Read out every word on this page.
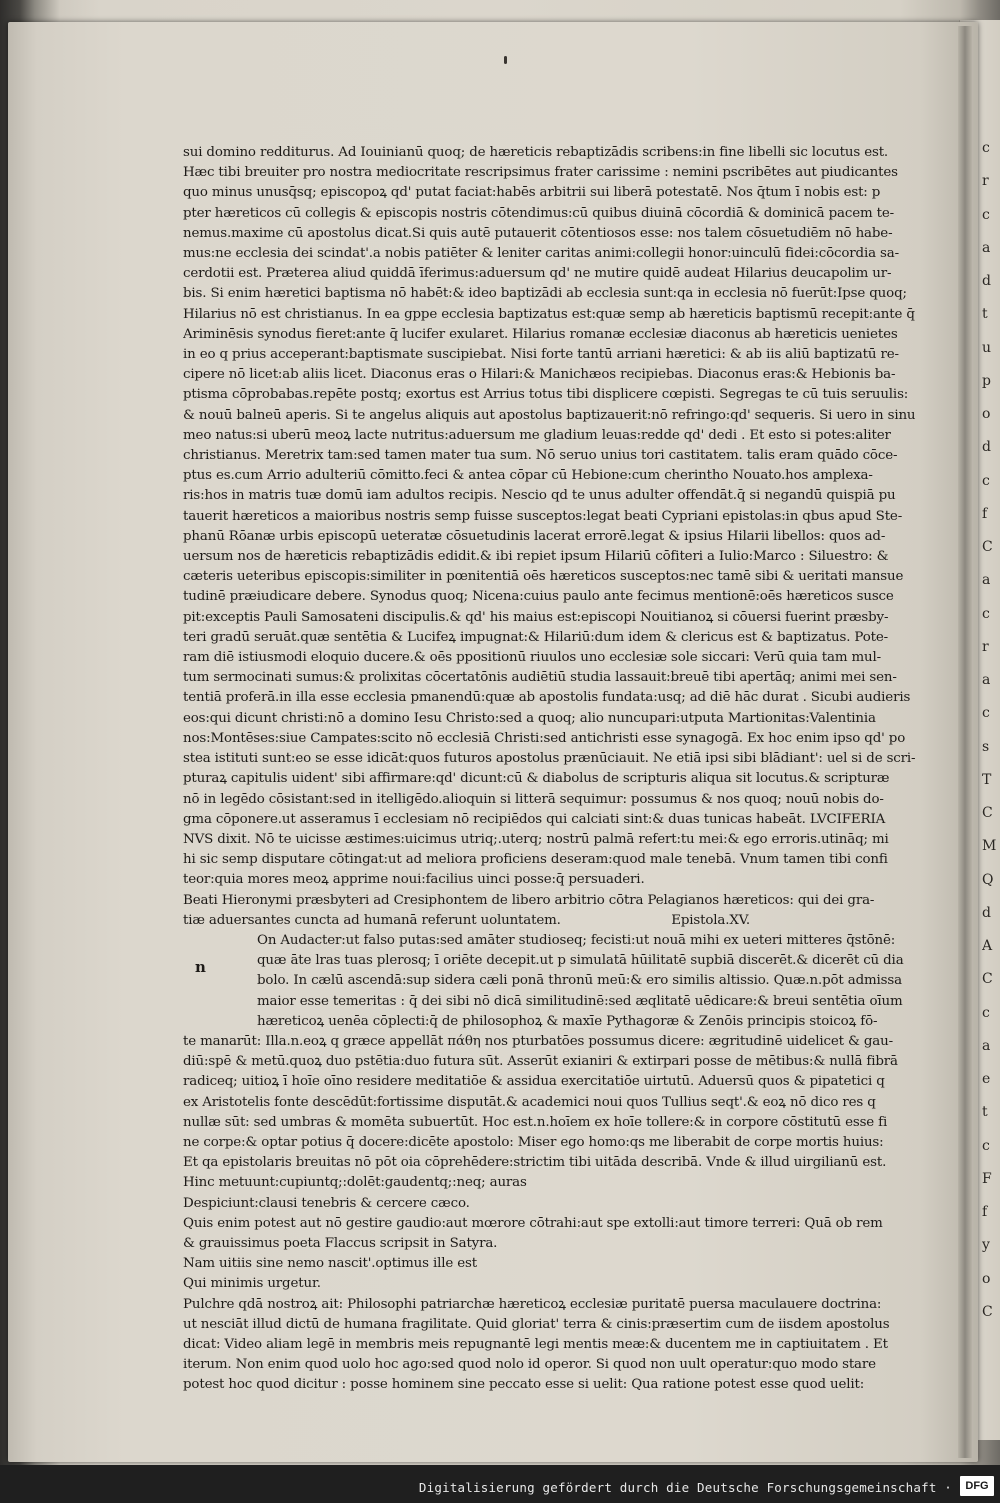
c
r
c
a
d
t
u
p
o
d
c
f
C
a
c
r
a
c
s
T
C
M
Q
d
A
C
c
a
e
t
c
F
f
y
o
C
sui domino redditurus. Ad Iouinianū quoq; de hæreticis rebaptizādis scribens:in fine libelli sic locutus est.
Hæc tibi breuiter pro nostra mediocritate rescripsimus frater carissime : nemini pscribētes aut piudicantes
quo minus unusq̄sq; episcopoꝝ qd' putat faciat:habēs arbitrii sui liberā potestatē. Nos q̄tum ī nobis est: p
pter hæreticos cū collegis & episcopis nostris cōtendimus:cū quibus diuinā cōcordiā & dominicā pacem te-
nemus.maxime cū apostolus dicat.Si quis autē putauerit cōtentiosos esse: nos talem cōsuetudiēm nō habe-
mus:ne ecclesia dei scindat'.a nobis patiēter & leniter caritas animi:collegii honor:uinculū fidei:cōcordia sa-
cerdotii est. Præterea aliud quiddā īferimus:aduersum qd' ne mutire quidē audeat Hilarius deucapolim ur-
bis. Si enim hæretici baptisma nō habēt:& ideo baptizādi ab ecclesia sunt:qa in ecclesia nō fuerūt:Ipse quoq;
Hilarius nō est christianus. In ea gppe ecclesia baptizatus est:quæ semp ab hæreticis baptismū recepit:ante q̄
Ariminēsis synodus fieret:ante q̄ lucifer exularet. Hilarius romanæ ecclesiæ diaconus ab hæreticis uenietes
in eo q prius acceperant:baptismate suscipiebat. Nisi forte tantū arriani hæretici: & ab iis aliū baptizatū re-
cipere nō licet:ab aliis licet. Diaconus eras o Hilari:& Manichæos recipiebas. Diaconus eras:& Hebionis ba-
ptisma cōprobabas.repēte postq; exortus est Arrius totus tibi displicere cœpisti. Segregas te cū tuis seruulis:
& nouū balneū aperis. Si te angelus aliquis aut apostolus baptizauerit:nō refringo:qd' sequeris. Si uero in sinu
meo natus:si uberū meoꝝ lacte nutritus:aduersum me gladium leuas:redde qd' dedi . Et esto si potes:aliter
christianus. Meretrix tam:sed tamen mater tua sum. Nō seruo unius tori castitatem. talis eram quādo cōce-
ptus es.cum Arrio adulteriū cōmitto.feci & antea cōpar cū Hebione:cum cherintho Nouato.hos amplexa-
ris:hos in matris tuæ domū iam adultos recipis. Nescio qd te unus adulter offendāt.q̄ si negandū quispiā pu
tauerit hæreticos a maioribus nostris semp fuisse susceptos:legat beati Cypriani epistolas:in qbus apud Ste-
phanū Rōanæ urbis episcopū ueteratæ cōsuetudinis lacerat errorē.legat & ipsius Hilarii libellos: quos ad-
uersum nos de hæreticis rebaptizādis edidit.& ibi repiet ipsum Hilariū cōfiteri a Iulio:Marco : Siluestro: &
cæteris ueteribus episcopis:similiter in pœnitentiā oēs hæreticos susceptos:nec tamē sibi & ueritati mansue
tudinē præiudicare debere. Synodus quoq; Nicena:cuius paulo ante fecimus mentionē:oēs hæreticos susce
pit:exceptis Pauli Samosateni discipulis.& qd' his maius est:episcopi Nouitianoꝝ si cōuersi fuerint præsby-
teri gradū seruāt.quæ sentētia & Lucifeꝝ impugnat:& Hilariū:dum idem & clericus est & baptizatus. Pote-
ram diē istiusmodi eloquio ducere.& oēs ppositionū riuulos uno ecclesiæ sole siccari: Verū quia tam mul-
tum sermocinati sumus:& prolixitas cōcertatōnis audiētiū studia lassauit:breuē tibi apertāq; animi mei sen-
tentiā proferā.in illa esse ecclesia pmanendū:quæ ab apostolis fundata:usq; ad diē hāc durat . Sicubi audieris
eos:qui dicunt christi:nō a domino Iesu Christo:sed a quoq; alio nuncupari:utputa Martionitas:Valentinia
nos:Montēses:siue Campates:scito nō ecclesiā Christi:sed antichristi esse synagogā. Ex hoc enim ipso qd' po
stea istituti sunt:eo se esse idicāt:quos futuros apostolus prænūciauit. Ne etiā ipsi sibi blādiant': uel si de scri-
pturaꝝ capitulis uident' sibi affirmare:qd' dicunt:cū & diabolus de scripturis aliqua sit locutus.& scripturæ
nō in legēdo cōsistant:sed in itelligēdo.alioquin si litterā sequimur: possumus & nos quoq; nouū nobis do-
gma cōponere.ut asseramus ī ecclesiam nō recipiēdos qui calciati sint:& duas tunicas habeāt. LVCIFERIA
NVS dixit. Nō te uicisse æstimes:uicimus utriq;.uterq; nostrū palmā refert:tu mei:& ego erroris.utināq; mi
hi sic semp disputare cōtingat:ut ad meliora proficiens deseram:quod male tenebā. Vnum tamen tibi confi
teor:quia mores meoꝝ apprime noui:facilius uinci posse:q̄ persuaderi.
Beati Hieronymi præsbyteri ad Cresiphontem de libero arbitrio cōtra Pelagianos hæreticos: qui dei gra-
tiæ aduersantes cuncta ad humanā referunt uoluntatem.	Epistola.XV.
n
On Audacter:ut falso putas:sed amāter studioseq; fecisti:ut nouā mihi ex ueteri mitteres q̄stōnē:
quæ āte lras tuas plerosq; ī oriēte decepit.ut p simulatā hūilitatē supbiā discerēt.& dicerēt cū dia
bolo. In cælū ascendā:sup sidera cæli ponā thronū meū:& ero similis altissio. Quæ.n.pōt admissa
maior esse temeritas : q̄ dei sibi nō dicā similitudinē:sed æqlitatē uēdicare:& breui sentētia oīum
hæreticoꝝ uenēa cōplecti:q̄ de philosophoꝝ & maxīe Pythagoræ & Zenōis principis stoicoꝝ fō-
te manarūt: Illa.n.eoꝝ q græce appellāt πάθη nos pturbatōes possumus dicere: ægritudinē uidelicet & gau-
diū:spē & metū.quoꝝ duo pstētia:duo futura sūt. Asserūt exianiri & extirpari posse de mētibus:& nullā fibrā
radiceq; uitioꝝ ī hoīe oīno residere meditatiōe & assidua exercitatiōe uirtutū. Aduersū quos & pipatetici q
ex Aristotelis fonte descēdūt:fortissime disputāt.& academici noui quos Tullius seqt'.& eoꝝ nō dico res q
nullæ sūt: sed umbras & momēta subuertūt. Hoc est.n.hoīem ex hoīe tollere:& in corpore cōstitutū esse fi
ne corpe:& optar potius q̄ docere:dicēte apostolo: Miser ego homo:qs me liberabit de corpe mortis huius:
Et qa epistolaris breuitas nō pōt oia cōprehēdere:strictim tibi uitāda describā. Vnde & illud uirgilianū est.
Hinc metuunt:cupiuntq;:dolēt:gaudentq;:neq; auras
Despiciunt:clausi tenebris & cercere cæco.
Quis enim potest aut nō gestire gaudio:aut mœrore cōtrahi:aut spe extolli:aut timore terreri: Quā ob rem
& grauissimus poeta Flaccus scripsit in Satyra.
Nam uitiis sine nemo nascit'.optimus ille est
Qui minimis urgetur.
Pulchre qdā nostroꝝ ait: Philosophi patriarchæ hæreticoꝝ ecclesiæ puritatē puersa maculauere doctrina:
ut nesciāt illud dictū de humana fragilitate. Quid gloriat' terra & cinis:præsertim cum de iisdem apostolus
dicat: Video aliam legē in membris meis repugnantē legi mentis meæ:& ducentem me in captiuitatem . Et
iterum. Non enim quod uolo hoc ago:sed quod nolo id operor. Si quod non uult operatur:quo modo stare
potest hoc quod dicitur : posse hominem sine peccato esse si uelit: Qua ratione potest esse quod uelit:
Digitalisierung gefördert durch die Deutsche Forschungsgemeinschaft · DFG
